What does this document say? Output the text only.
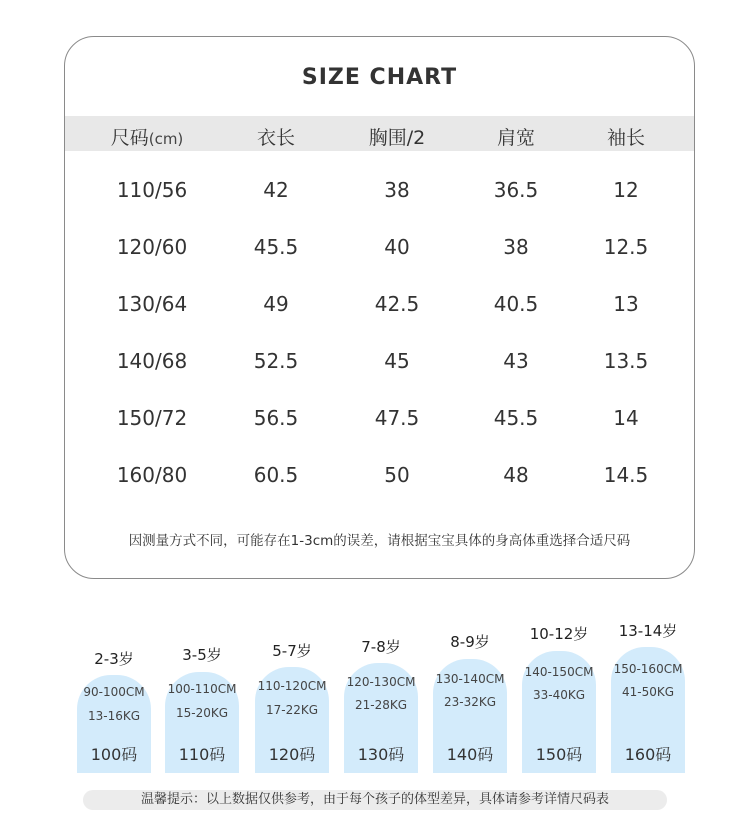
SIZE CHART
尺码(cm)	衣长	胸围/2	肩宽	袖长
110/56	42	38	36.5	12
120/60	45.5	40	38	12.5
130/64	49	42.5	40.5	13
140/68	52.5	45	43	13.5
150/72	56.5	47.5	45.5	14
160/80	60.5	50	48	14.5
因测量方式不同，可能存在1-3cm的误差，请根据宝宝具体的身高体重选择合适尺码
2-3岁
90-100CM
13-16KG
100码
3-5岁
100-110CM
15-20KG
110码
5-7岁
110-120CM
17-22KG
120码
7-8岁
120-130CM
21-28KG
130码
8-9岁
130-140CM
23-32KG
140码
10-12岁
140-150CM
33-40KG
150码
13-14岁
150-160CM
41-50KG
160码
温馨提示：以上数据仅供参考，由于每个孩子的体型差异，具体请参考详情尺码表
